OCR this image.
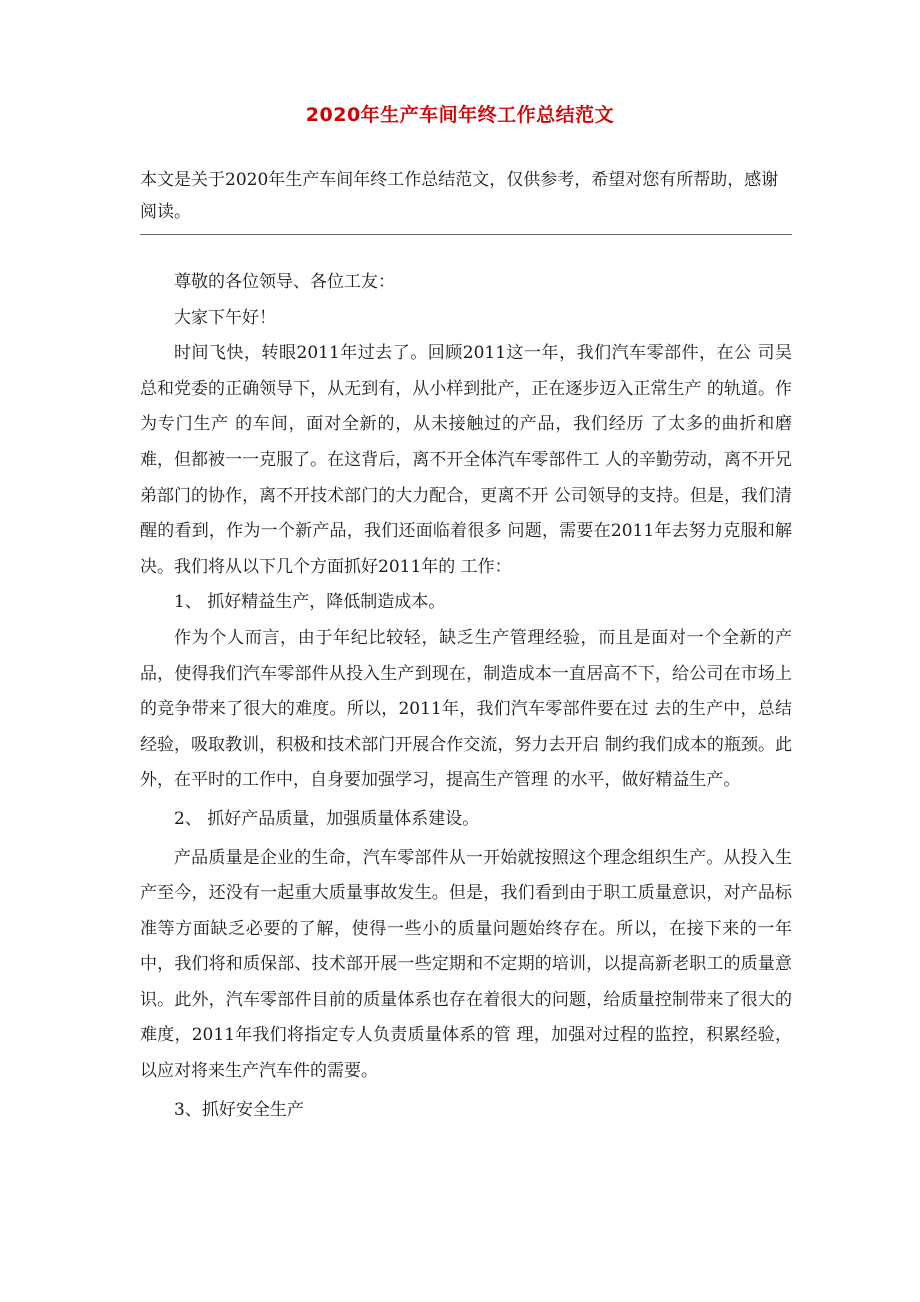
2020年生产车间年终工作总结范文
本文是关于2020年生产车间年终工作总结范文，仅供参考，希望对您有所帮助，感谢阅读。

尊敬的各位领导、各位工友：

大家下午好！

时间飞快，转眼2011年过去了。回顾2011这一年，我们汽车零部件，在公 司吴总和党委的正确领导下，从无到有，从小样到批产，正在逐步迈入正常生产 的轨道。作为专门生产 的车间，面对全新的，从未接触过的产品，我们经历 了太多的曲折和磨难，但都被一一克服了。在这背后，离不开全体汽车零部件工 人的辛勤劳动，离不开兄弟部门的协作，离不开技术部门的大力配合，更离不开 公司领导的支持。但是，我们清醒的看到，作为一个新产品，我们还面临着很多 问题，需要在2011年去努力克服和解决。我们将从以下几个方面抓好2011年的 工作：

1、 抓好精益生产，降低制造成本。

作为个人而言，由于年纪比较轻，缺乏生产管理经验，而且是面对一个全新的产品，使得我们汽车零部件从投入生产到现在，制造成本一直居高不下，给公司在市场上的竞争带来了很大的难度。所以，2011年，我们汽车零部件要在过 去的生产中，总结经验，吸取教训，积极和技术部门开展合作交流，努力去开启 制约我们成本的瓶颈。此外，在平时的工作中，自身要加强学习，提高生产管理 的水平，做好精益生产。

2、 抓好产品质量，加强质量体系建设。

产品质量是企业的生命，汽车零部件从一开始就按照这个理念组织生产。从投入生产至今，还没有一起重大质量事故发生。但是，我们看到由于职工质量意识，对产品标准等方面缺乏必要的了解，使得一些小的质量问题始终存在。所以，在接下来的一年中，我们将和质保部、技术部开展一些定期和不定期的培训，以提高新老职工的质量意识。此外，汽车零部件目前的质量体系也存在着很大的问题，给质量控制带来了很大的难度，2011年我们将指定专人负责质量体系的管 理，加强对过程的监控，积累经验，以应对将来生产汽车件的需要。

3、抓好安全生产
